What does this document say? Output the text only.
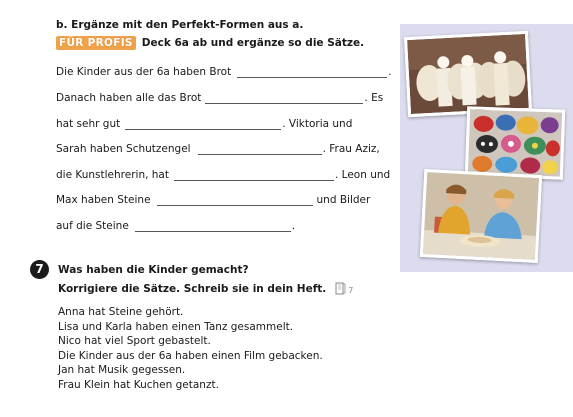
b. Ergänze mit den Perfekt-Formen aus a.
FÜR PROFIS Deck 6a ab und ergänze so die Sätze.
Die Kinder aus der 6a haben Brot	.
Danach haben alle das Brot	. Es
hat sehr gut	. Viktoria und
Sarah haben Schutzengel	. Frau Aziz,
die Kunstlehrerin, hat	. Leon und
Max haben Steine	und Bilder
auf die Steine	.
7	Was haben die Kinder gemacht?
Korrigiere die Sätze. Schreib sie in dein Heft.	7
Anna hat Steine gehört.
Lisa und Karla haben einen Tanz gesammelt.
Nico hat viel Sport gebastelt.
Die Kinder aus der 6a haben einen Film gebacken.
Jan hat Musik gegessen.
Frau Klein hat Kuchen getanzt.
